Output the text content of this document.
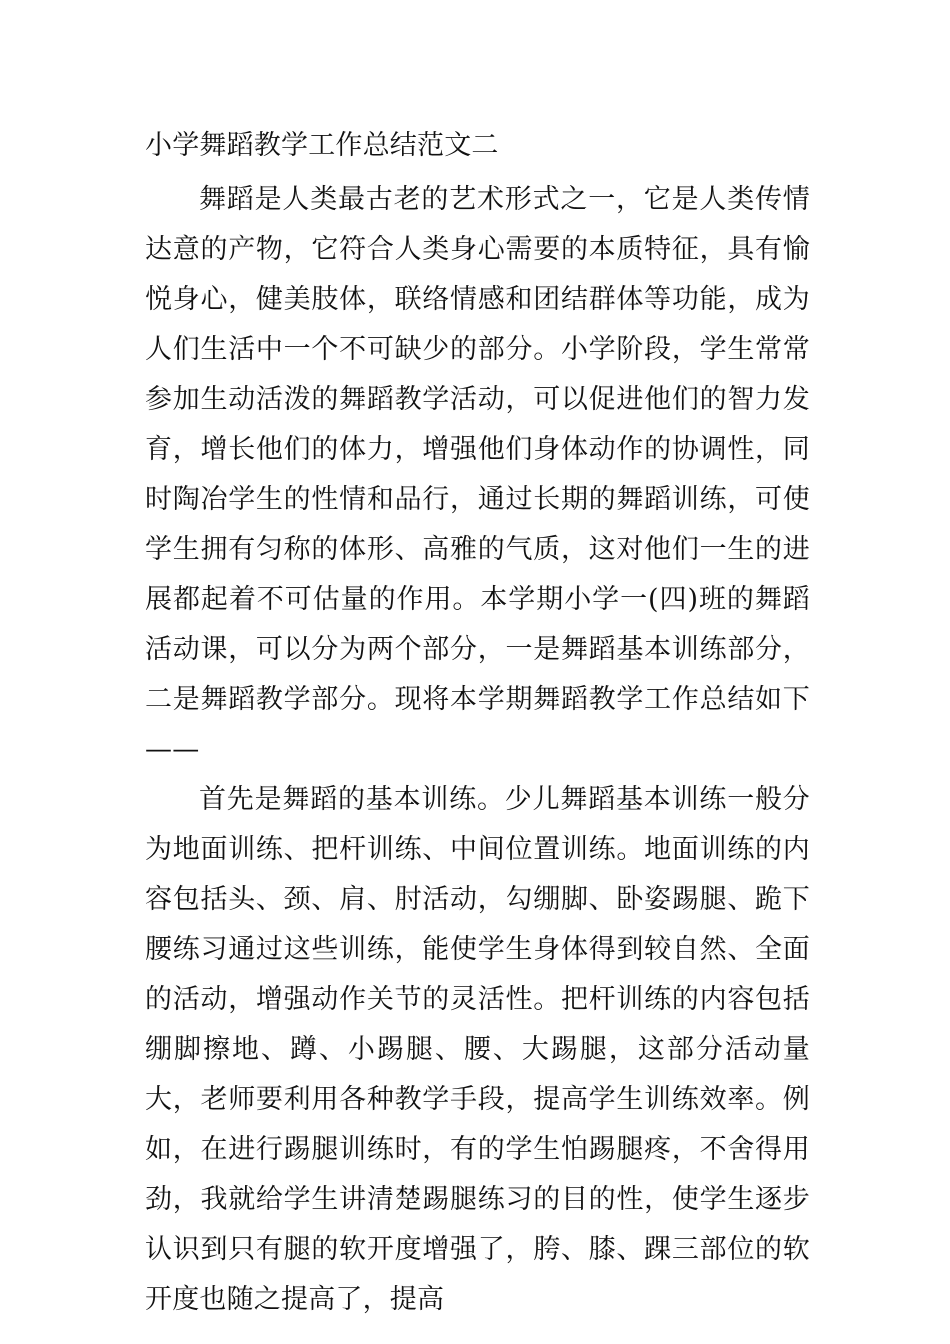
小学舞蹈教学工作总结范文二

舞蹈是人类最古老的艺术形式之一，它是人类传情达意的产物，它符合人类身心需要的本质特征，具有愉悦身心，健美肢体，联络情感和团结群体等功能，成为人们生活中一个不可缺少的部分。小学阶段，学生常常参加生动活泼的舞蹈教学活动，可以促进他们的智力发育，增长他们的体力，增强他们身体动作的协调性，同时陶冶学生的性情和品行，通过长期的舞蹈训练，可使学生拥有匀称的体形、高雅的气质，这对他们一生的进展都起着不可估量的作用。本学期小学一(四)班的舞蹈活动课，可以分为两个部分，一是舞蹈基本训练部分，二是舞蹈教学部分。现将本学期舞蹈教学工作总结如下——

首先是舞蹈的基本训练。少儿舞蹈基本训练一般分为地面训练、把杆训练、中间位置训练。地面训练的内容包括头、颈、肩、肘活动，勾绷脚、卧姿踢腿、跪下腰练习通过这些训练，能使学生身体得到较自然、全面的活动，增强动作关节的灵活性。把杆训练的内容包括绷脚擦地、蹲、小踢腿、腰、大踢腿，这部分活动量大，老师要利用各种教学手段，提高学生训练效率。例如，在进行踢腿训练时，有的学生怕踢腿疼，不舍得用劲，我就给学生讲清楚踢腿练习的目的性，使学生逐步认识到只有腿的软开度增强了，胯、膝、踝三部位的软开度也随之提高了，提高
